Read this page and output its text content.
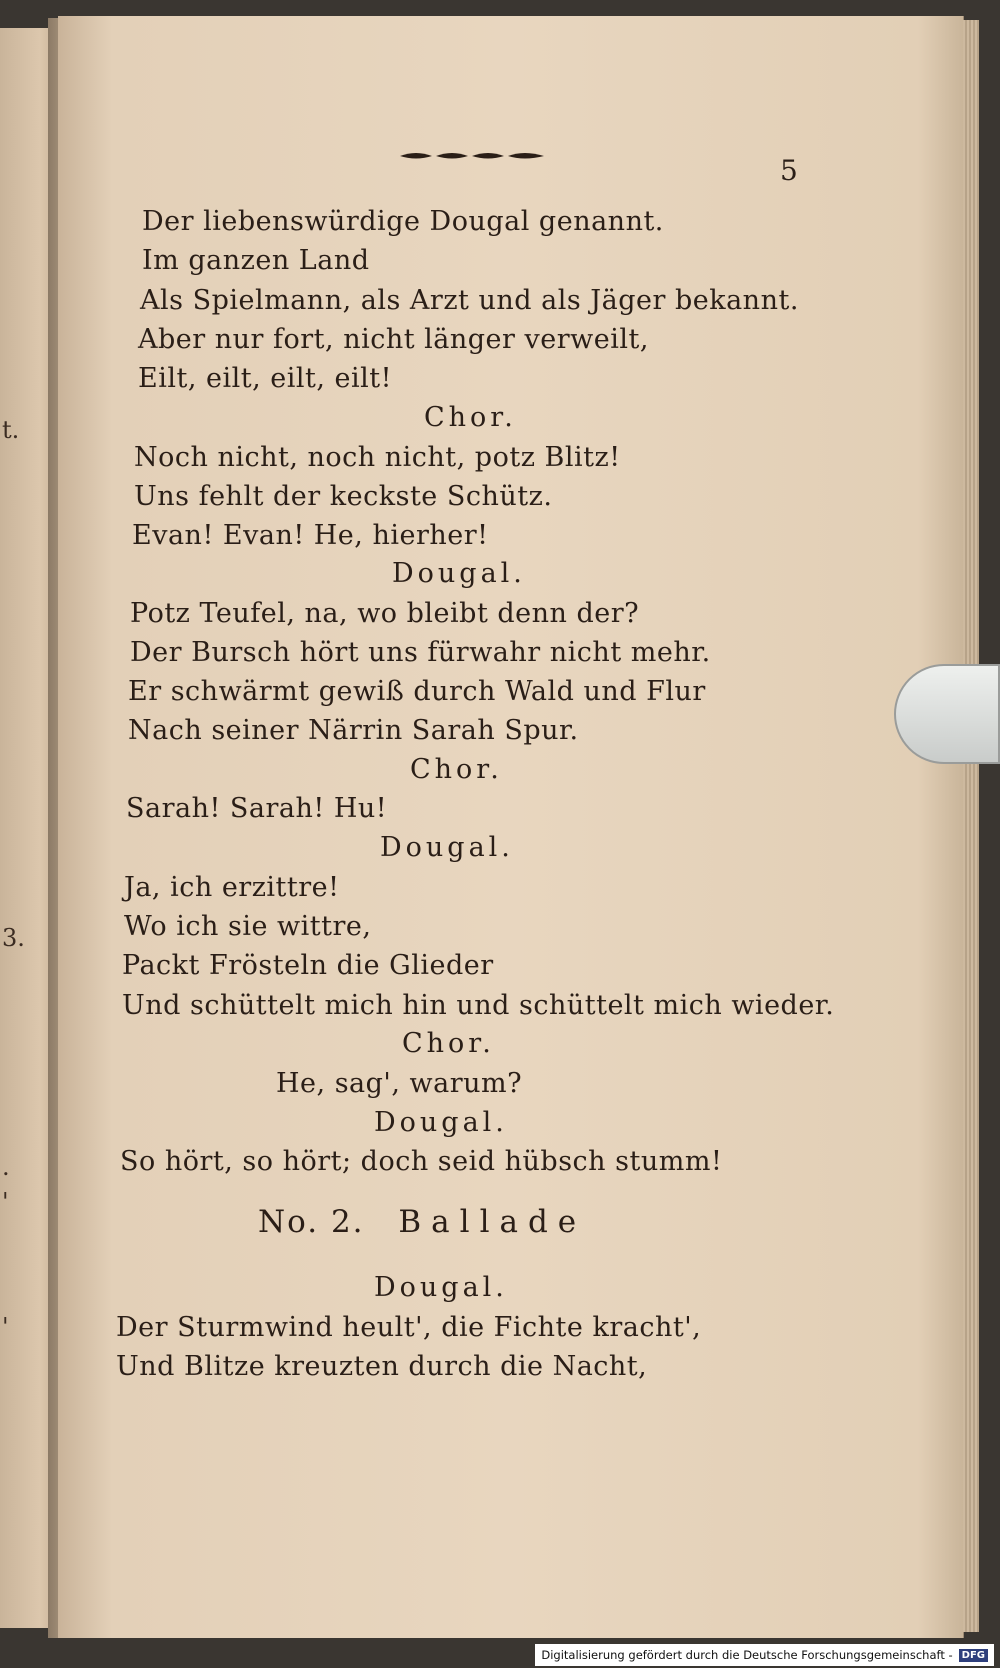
t.
3.
.
'
'
5
Der liebenswürdige Dougal genannt.
Im ganzen Land
Als Spielmann, als Arzt und als Jäger bekannt.
Aber nur fort, nicht länger verweilt,
Eilt, eilt, eilt, eilt!
Chor.
Noch nicht, noch nicht, potz Blitz!
Uns fehlt der keckste Schütz.
Evan! Evan! He, hierher!
Dougal.
Potz Teufel, na, wo bleibt denn der?
Der Bursch hört uns fürwahr nicht mehr.
Er schwärmt gewiß durch Wald und Flur
Nach seiner Närrin Sarah Spur.
Chor.
Sarah! Sarah! Hu!
Dougal.
Ja, ich erzittre!
Wo ich sie wittre,
Packt Frösteln die Glieder
Und schüttelt mich hin und schüttelt mich wieder.
Chor.
He, sag', warum?
Dougal.
So hört, so hört; doch seid hübsch stumm!
No. 2. Ballade
Dougal.
Der Sturmwind heult', die Fichte kracht',
Und Blitze kreuzten durch die Nacht,
Digitalisierung gefördert durch die Deutsche Forschungsgemeinschaft - DFG
